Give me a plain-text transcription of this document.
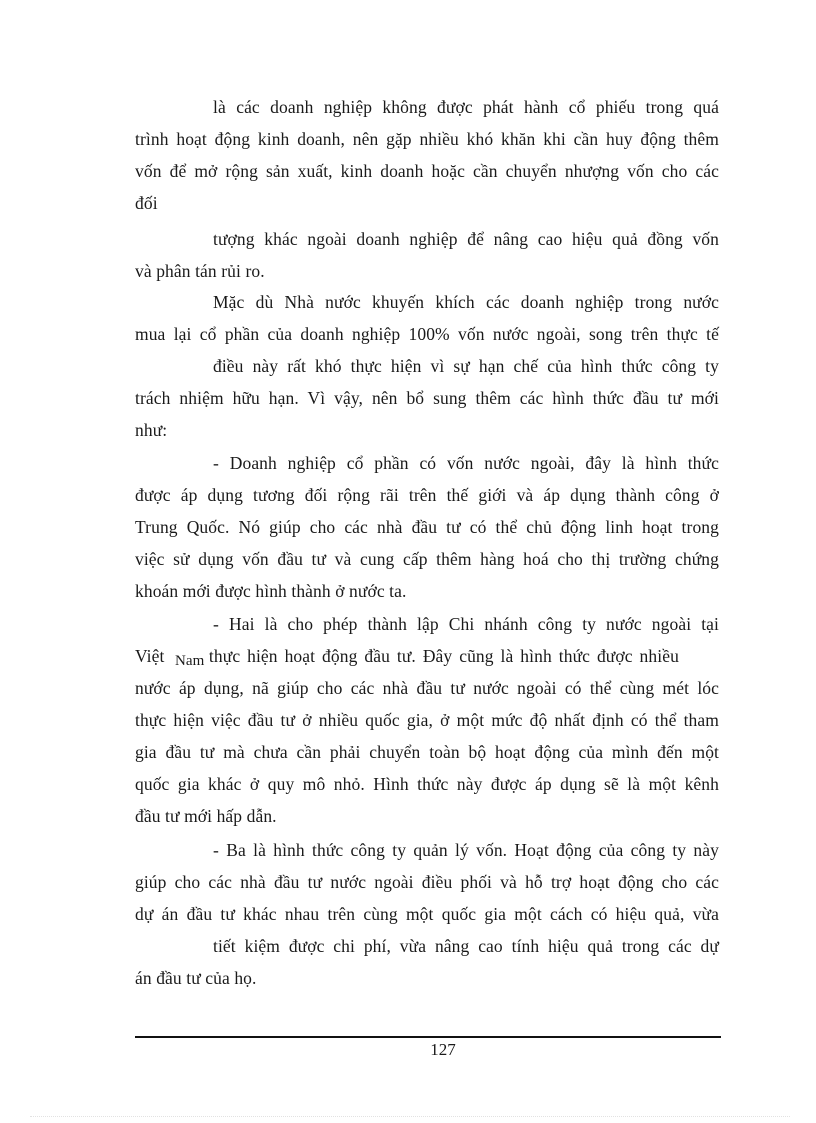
là các doanh nghiệp không được phát hành cổ phiếu trong quá
trình hoạt động kinh doanh, nên gặp nhiều khó khăn khi cần huy động thêm
vốn để mở rộng sản xuất, kinh doanh hoặc cần chuyển nhượng vốn cho các
đối
tượng khác ngoài doanh nghiệp để nâng cao hiệu quả đồng vốn
và phân tán rủi ro.
Mặc dù Nhà nước khuyến khích các doanh nghiệp trong nước
mua lại cổ phần của doanh nghiệp 100% vốn nước ngoài, song trên thực tế
điều này rất khó thực hiện vì sự hạn chế của hình thức công ty
trách nhiệm hữu hạn. Vì vậy, nên bổ sung thêm các hình thức đầu tư mới
như:
- Doanh nghiệp cổ phần có vốn nước ngoài, đây là hình thức
được áp dụng tương đối rộng rãi trên thế giới và áp dụng thành công ở
Trung Quốc. Nó giúp cho các nhà đầu tư có thể chủ động linh hoạt trong
việc sử dụng vốn đầu tư và cung cấp thêm hàng hoá cho thị trường chứng
khoán mới được hình thành ở nước ta.
- Hai là cho phép thành lập Chi nhánh công ty nước ngoài tại
Việt Nam thực hiện hoạt động đầu tư. Đây cũng là hình thức được nhiều
nước áp dụng, nã giúp cho các nhà đầu tư nước ngoài có thể cùng mét lóc
thực hiện việc đầu tư ở nhiều quốc gia, ở một mức độ nhất định có thể tham
gia đầu tư mà chưa cần phải chuyển toàn bộ hoạt động của mình đến một
quốc gia khác ở quy mô nhỏ. Hình thức này được áp dụng sẽ là một kênh
đầu tư mới hấp dẫn.
- Ba là hình thức công ty quản lý vốn. Hoạt động của công ty này
giúp cho các nhà đầu tư nước ngoài điều phối và hỗ trợ hoạt động cho các
dự án đầu tư khác nhau trên cùng một quốc gia một cách có hiệu quả, vừa
tiết kiệm được chi phí, vừa nâng cao tính hiệu quả trong các dự
án đầu tư của họ.
127
